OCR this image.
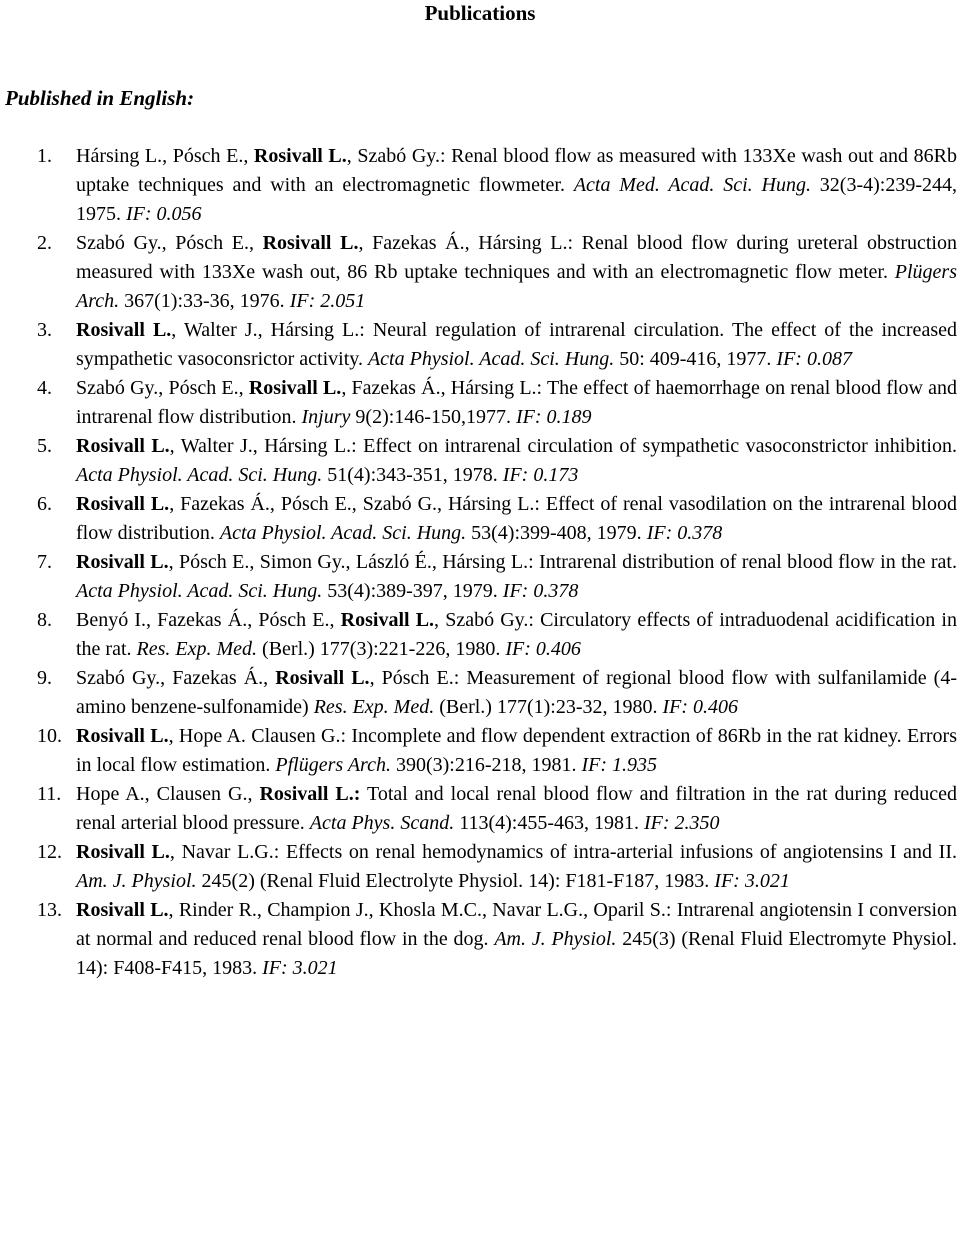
Publications
Published in English:
1. Hársing L., Pósch E., Rosivall L., Szabó Gy.: Renal blood flow as measured with 133Xe wash out and 86Rb uptake techniques and with an electromagnetic flowmeter. Acta Med. Acad. Sci. Hung. 32(3-4):239-244, 1975. IF: 0.056
2. Szabó Gy., Pósch E., Rosivall L., Fazekas Á., Hársing L.: Renal blood flow during ureteral obstruction measured with 133Xe wash out, 86 Rb uptake techniques and with an electromagnetic flow meter. Plügers Arch. 367(1):33-36, 1976. IF: 2.051
3. Rosivall L., Walter J., Hársing L.: Neural regulation of intrarenal circulation. The effect of the increased sympathetic vasoconsrictor activity. Acta Physiol. Acad. Sci. Hung. 50: 409-416, 1977. IF: 0.087
4. Szabó Gy., Pósch E., Rosivall L., Fazekas Á., Hársing L.: The effect of haemorrhage on renal blood flow and intrarenal flow distribution. Injury 9(2):146-150,1977. IF: 0.189
5. Rosivall L., Walter J., Hársing L.: Effect on intrarenal circulation of sympathetic vasoconstrictor inhibition. Acta Physiol. Acad. Sci. Hung. 51(4):343-351, 1978. IF: 0.173
6. Rosivall L., Fazekas Á., Pósch E., Szabó G., Hársing L.: Effect of renal vasodilation on the intrarenal blood flow distribution. Acta Physiol. Acad. Sci. Hung. 53(4):399-408, 1979. IF: 0.378
7. Rosivall L., Pósch E., Simon Gy., László É., Hársing L.: Intrarenal distribution of renal blood flow in the rat. Acta Physiol. Acad. Sci. Hung. 53(4):389-397, 1979. IF: 0.378
8. Benyó I., Fazekas Á., Pósch E., Rosivall L., Szabó Gy.: Circulatory effects of intraduodenal acidification in the rat. Res. Exp. Med. (Berl.) 177(3):221-226, 1980. IF: 0.406
9. Szabó Gy., Fazekas Á., Rosivall L., Pósch E.: Measurement of regional blood flow with sulfanilamide (4-amino benzene-sulfonamide) Res. Exp. Med. (Berl.) 177(1):23-32, 1980. IF: 0.406
10. Rosivall L., Hope A. Clausen G.: Incomplete and flow dependent extraction of 86Rb in the rat kidney. Errors in local flow estimation. Pflügers Arch. 390(3):216-218, 1981. IF: 1.935
11. Hope A., Clausen G., Rosivall L.: Total and local renal blood flow and filtration in the rat during reduced renal arterial blood pressure. Acta Phys. Scand. 113(4):455-463, 1981. IF: 2.350
12. Rosivall L., Navar L.G.: Effects on renal hemodynamics of intra-arterial infusions of angiotensins I and II. Am. J. Physiol. 245(2) (Renal Fluid Electrolyte Physiol. 14): F181-F187, 1983. IF: 3.021
13. Rosivall L., Rinder R., Champion J., Khosla M.C., Navar L.G., Oparil S.: Intrarenal angiotensin I conversion at normal and reduced renal blood flow in the dog. Am. J. Physiol. 245(3) (Renal Fluid Electromyte Physiol. 14): F408-F415, 1983. IF: 3.021
